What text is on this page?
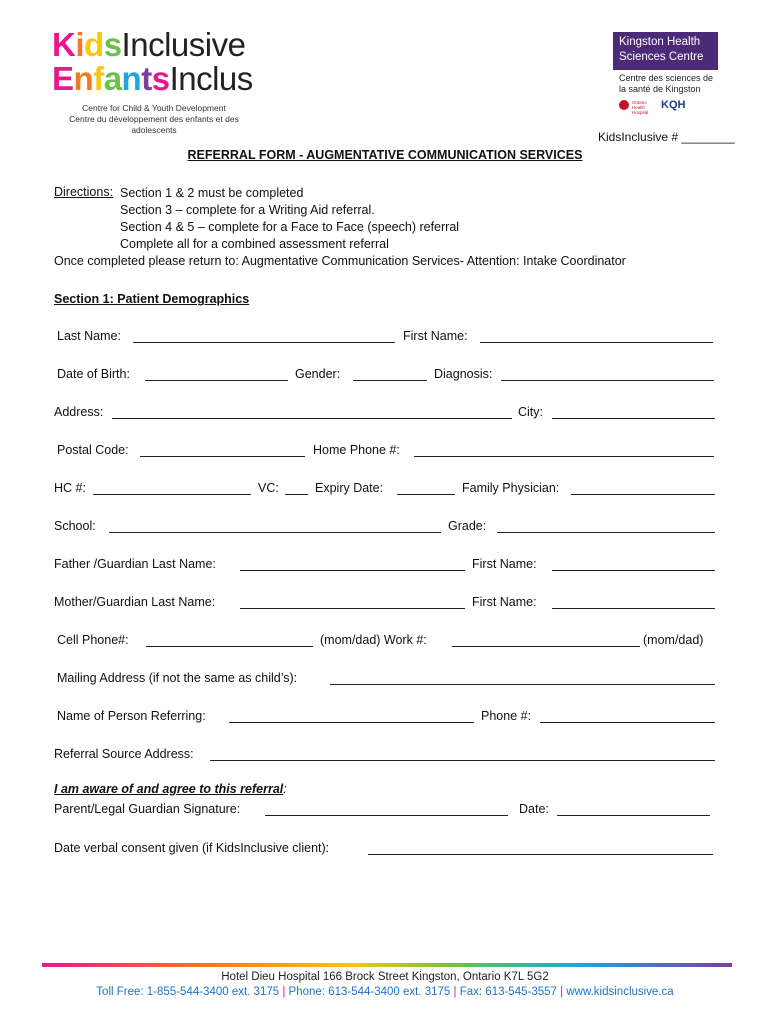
KidsInclusive
EnfantsInclus
Centre for Child & Youth Development
Centre du développement des enfants et des adolescents
Kingston Health
Sciences Centre
Centre des sciences de
la santé de Kingston
Ontario Health Hospital
KQH
KidsInclusive # ________
REFERRAL FORM - AUGMENTATIVE COMMUNICATION SERVICES
Directions: Section 1 & 2 must be completed
Section 3 – complete for a Writing Aid referral.
Section 4 & 5 – complete for a Face to Face (speech) referral
Complete all for a combined assessment referral
Once completed please return to: Augmentative Communication Services- Attention: Intake Coordinator
Section 1: Patient Demographics
Last Name:	First Name:
Date of Birth:	Gender:	Diagnosis:
Address:	City:
Postal Code:	Home Phone #:
HC #:	VC:	Expiry Date:	Family Physician:
School:	Grade:
Father /Guardian Last Name:	First Name:
Mother/Guardian Last Name:	First Name:
Cell Phone#:	(mom/dad) Work #:	(mom/dad)
Mailing Address (if not the same as child’s):
Name of Person Referring:	Phone #:
Referral Source Address:
I am aware of and agree to this referral:
Parent/Legal Guardian Signature:	Date:
Date verbal consent given (if KidsInclusive client):
Hotel Dieu Hospital 166 Brock Street Kingston, Ontario K7L 5G2
Toll Free: 1-855-544-3400 ext. 3175 | Phone: 613-544-3400 ext. 3175 | Fax: 613-545-3557 | www.kidsinclusive.ca
